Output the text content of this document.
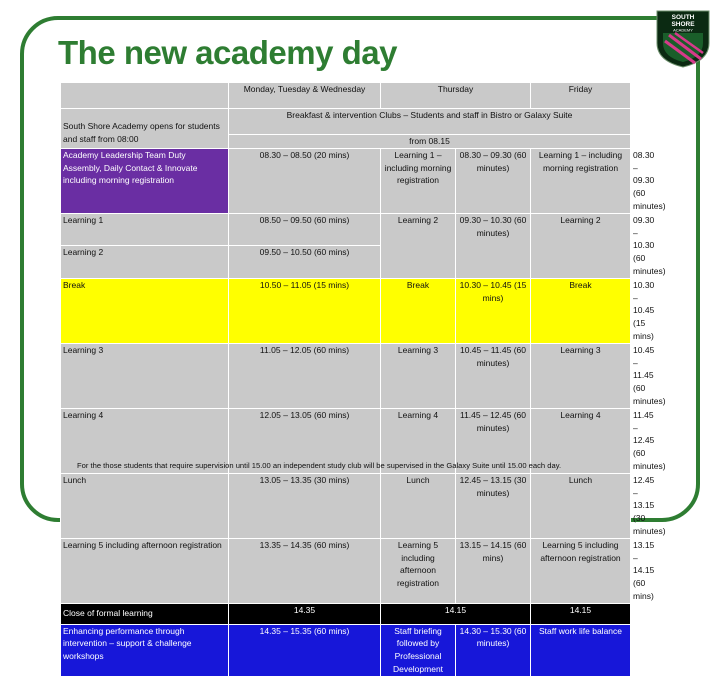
The new academy day
SOUTH
SHORE
ACADEMY
	Monday, Tuesday & Wednesday	Thursday		Friday	
South Shore Academy opens for students and staff from 08:00	Breakfast & intervention Clubs – Students and staff in Bistro or Galaxy Suite				
	from 08.15				
Academy Leadership Team Duty Assembly, Daily Contact & Innovate including morning registration	08.30 – 08.50 (20 mins)	Learning 1 – including morning registration	08.30 – 09.30 (60 minutes)	Learning 1 – including morning registration	08.30 – 09.30 (60 minutes)
Learning 1	08.50 – 09.50 (60 mins)	Learning 2	09.30 – 10.30 (60 minutes)	Learning 2	09.30 – 10.30 (60 minutes)
Learning 2	09.50 – 10.50 (60 mins)				
Break	10.50 – 11.05 (15 mins)	Break	10.30 – 10.45 (15 mins)	Break	10.30 – 10.45 (15 mins)
Learning 3	11.05 – 12.05 (60 mins)	Learning 3	10.45 – 11.45 (60 minutes)	Learning 3	10.45 – 11.45 (60 minutes)
Learning 4	12.05 – 13.05 (60 mins)	Learning 4	11.45 – 12.45 (60 minutes)	Learning 4	11.45 – 12.45 (60 minutes)
Lunch	13.05 – 13.35 (30 mins)	Lunch	12.45 – 13.15 (30 minutes)	Lunch	12.45 – 13.15 (30 minutes)
Learning 5 including afternoon registration	13.35 – 14.35 (60 mins)	Learning 5 including afternoon registration	13.15 – 14.15 (60 mins)	Learning 5 including afternoon registration	13.15 – 14.15 (60 mins)
Close of formal learning	14.35	14.15		14.15	
Enhancing performance through intervention – support & challenge workshops	14.35 – 15.35 (60 mins)	Staff briefing followed by Professional Development	14.30 – 15.30 (60 minutes)	Staff work life balance	
For the those students that require supervision until 15.00 an independent study club will be supervised in the Galaxy Suite until 15.00 each day.
